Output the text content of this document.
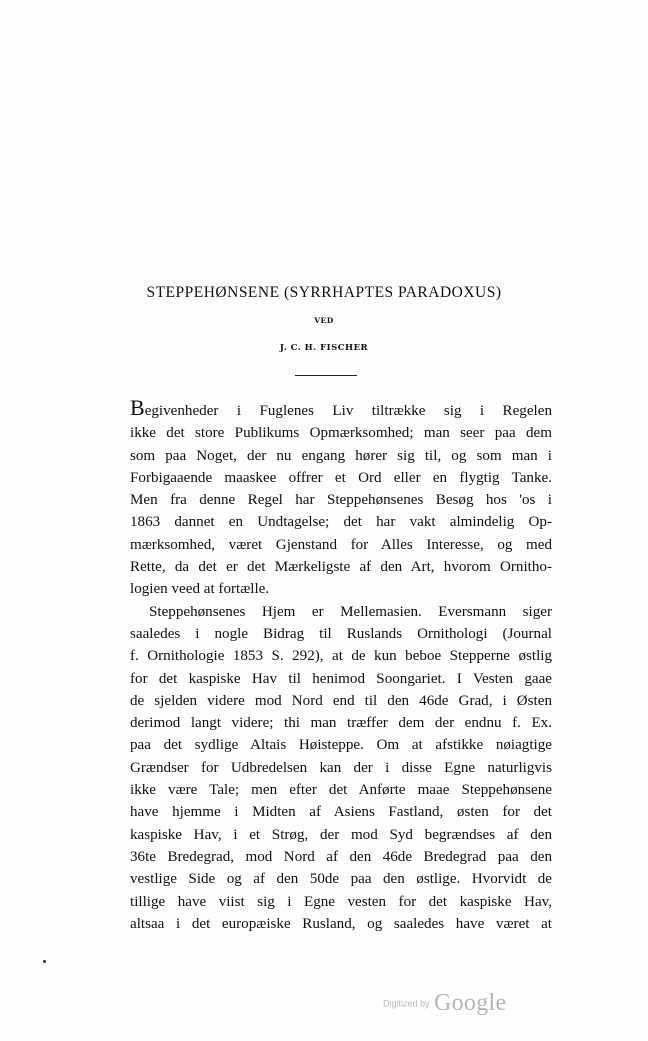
STEPPEHØNSENE (SYRRHAPTES PARADOXUS)
VED
J. C. H. FISCHER
Begivenheder i Fuglenes Liv tiltrække sig i Regelen
ikke det store Publikums Opmærksomhed; man seer paa dem
som paa Noget, der nu engang hører sig til, og som man i
Forbigaaende maaskee offrer et Ord eller en flygtig Tanke.
Men fra denne Regel har Steppehønsenes Besøg hos 'os i
1863 dannet en Undtagelse; det har vakt almindelig Op-
mærksomhed, været Gjenstand for Alles Interesse, og med
Rette, da det er det Mærkeligste af den Art, hvorom Ornitho-
logien veed at fortælle.
Steppehønsenes Hjem er Mellemasien. Eversmann siger
saaledes i nogle Bidrag til Ruslands Ornithologi (Journal
f. Ornithologie 1853 S. 292), at de kun beboe Stepperne østlig
for det kaspiske Hav til henimod Soongariet. I Vesten gaae
de sjelden videre mod Nord end til den 46de Grad, i Østen
derimod langt videre; thi man træffer dem der endnu f. Ex.
paa det sydlige Altais Høisteppe. Om at afstikke nøiagtige
Grændser for Udbredelsen kan der i disse Egne naturligvis
ikke være Tale; men efter det Anførte maae Steppehønsene
have hjemme i Midten af Asiens Fastland, østen for det
kaspiske Hav, i et Strøg, der mod Syd begrændses af den
36te Bredegrad, mod Nord af den 46de Bredegrad paa den
vestlige Side og af den 50de paa den østlige. Hvorvidt de
tillige have viist sig i Egne vesten for det kaspiske Hav,
altsaa i det europæiske Rusland, og saaledes have været at
Digitized by Google
